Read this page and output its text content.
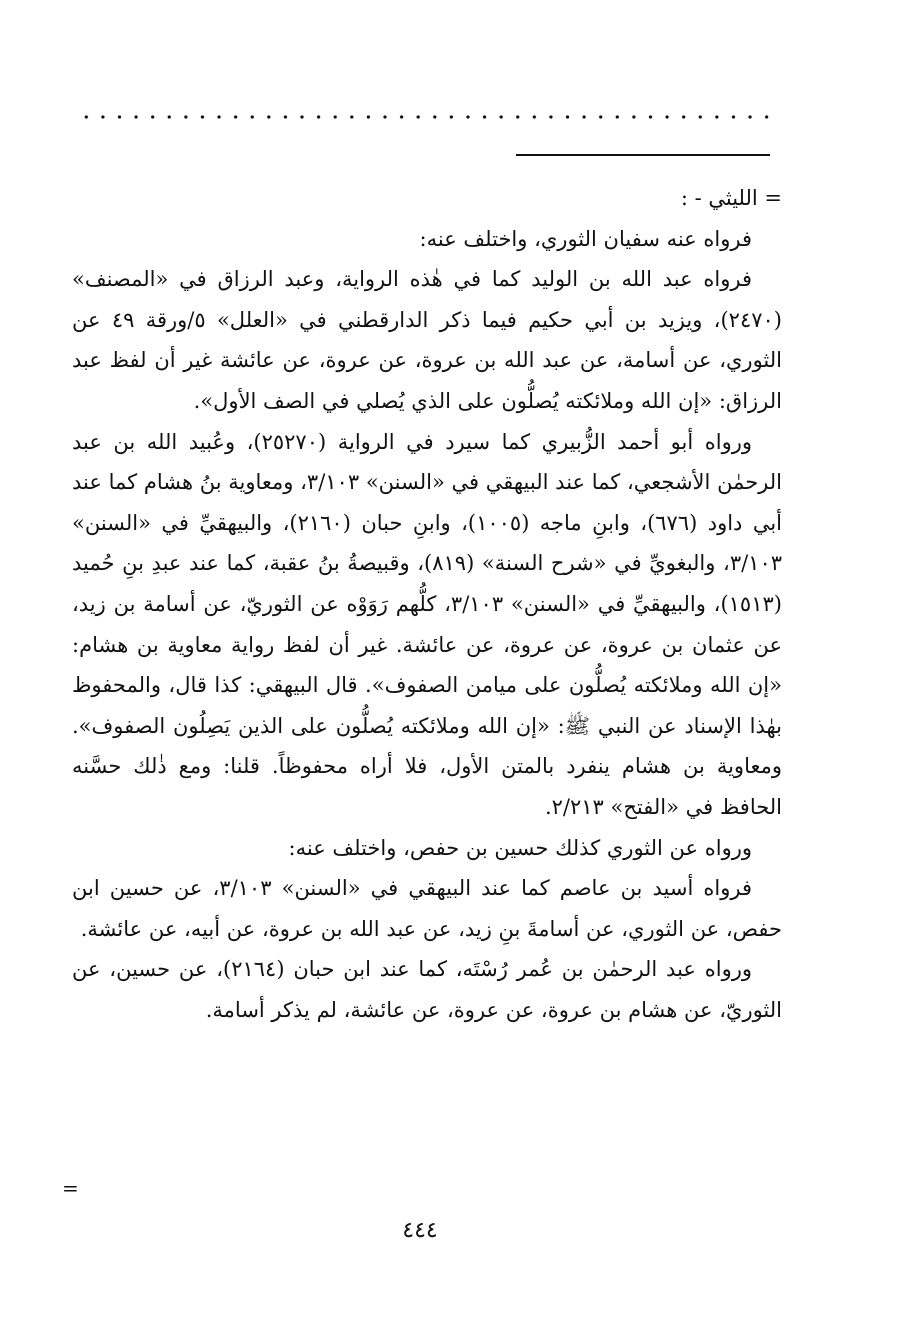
= الليثي - :

فرواه عنه سفيان الثوري، واختلف عنه:

فرواه عبد الله بن الوليد كما في هٰذه الرواية، وعبد الرزاق في «المصنف» (٢٤٧٠)، ويزيد بن أبي حكيم فيما ذكر الدارقطني في «العلل» ٥/ورقة ٤٩ عن الثوري، عن أسامة، عن عبد الله بن عروة، عن عروة، عن عائشة غير أن لفظ عبد الرزاق: «إن الله وملائكته يُصلُّون على الذي يُصلي في الصف الأول».

ورواه أبو أحمد الزُّبيري كما سيرد في الرواية (٢٥٢٧٠)، وعُبيد الله بن عبد الرحمٰن الأشجعي، كما عند البيهقي في «السنن» ٣/١٠٣، ومعاوية بنُ هشام كما عند أبي داود (٦٧٦)، وابنِ ماجه (١٠٠٥)، وابنِ حبان (٢١٦٠)، والبيهقيِّ في «السنن» ٣/١٠٣، والبغويِّ في «شرح السنة» (٨١٩)، وقبيصةُ بنُ عقبة، كما عند عبدِ بنِ حُميد (١٥١٣)، والبيهقيِّ في «السنن» ٣/١٠٣، كلُّهم رَوَوْه عن الثوريّ، عن أسامة بن زيد، عن عثمان بن عروة، عن عروة، عن عائشة. غير أن لفظ رواية معاوية بن هشام: «إن الله وملائكته يُصلُّون على ميامن الصفوف». قال البيهقي: كذا قال، والمحفوظ بهٰذا الإسناد عن النبي ﷺ: «إن الله وملائكته يُصلُّون على الذين يَصِلُون الصفوف». ومعاوية بن هشام ينفرد بالمتن الأول، فلا أراه محفوظاً. قلنا: ومع ذٰلك حسَّنه الحافظ في «الفتح» ٢/٢١٣.

ورواه عن الثوري كذلك حسين بن حفص، واختلف عنه:

فرواه أسيد بن عاصم كما عند البيهقي في «السنن» ٣/١٠٣، عن حسين ابن حفص، عن الثوري، عن أسامةَ بنِ زيد، عن عبد الله بن عروة، عن أبيه، عن عائشة.

ورواه عبد الرحمٰن بن عُمر رُسْتَه، كما عند ابن حبان (٢١٦٤)، عن حسين، عن الثوريّ، عن هشام بن عروة، عن عروة، عن عائشة، لم يذكر أسامة.

=
٤٤٤
